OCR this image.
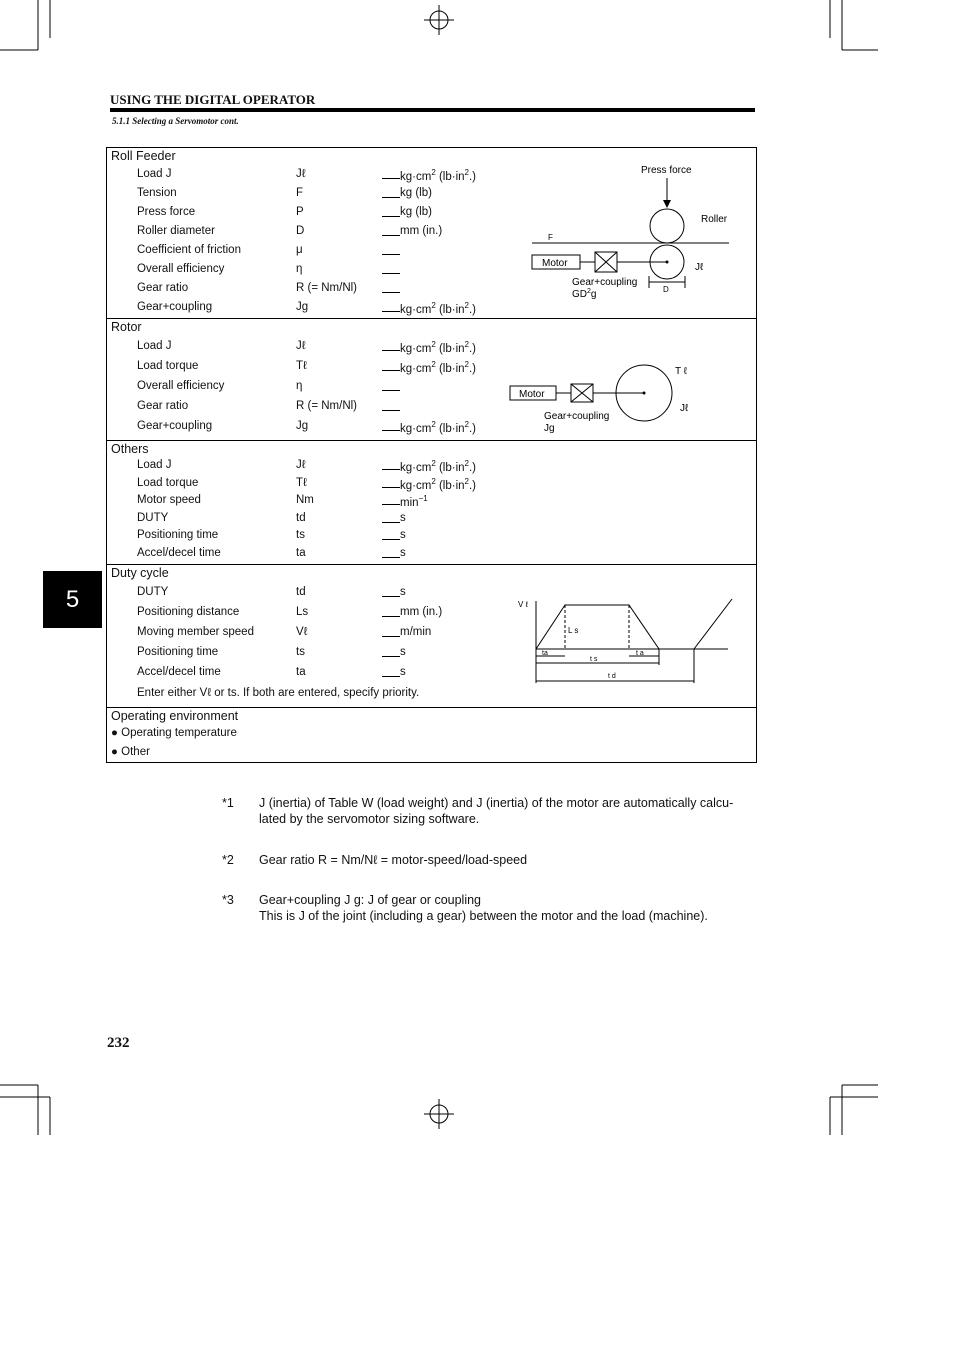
USING THE DIGITAL OPERATOR
5.1.1 Selecting a Servomotor cont.
5
Roll Feeder
Load J	Jℓ	$kg\cdot cm^2$ $(lb\cdot in^2.)$
Tension	F	kg (lb)
Press force	P	kg (lb)
Roller diameter	D	mm (in.)
Coefficient of friction	μ
Overall efficiency	η
Gear ratio	R (= Nm/Nl)
Gear+coupling	Jg	$kg\cdot cm^2$ $(lb\cdot in^2.)$
Press force
Roller
F
Motor	Jℓ
Gear+coupling
$GD^2g$	D
Rotor
Load J	Jℓ	$kg\cdot cm^2$ $(lb\cdot in^2.)$
Load torque	Tℓ	$kg\cdot cm^2$ $(lb\cdot in^2.)$
Overall efficiency	η
Gear ratio	R (= Nm/Nl)
Gear+coupling	Jg	$kg\cdot cm^2$ $(lb\cdot in^2.)$
Motor
T ℓ
Jℓ
Gear+coupling
Jg
Others
Load J	Jℓ	$kg\cdot cm^2$ $(lb\cdot in^2.)$
Load torque	Tℓ	$kg\cdot cm^2$ $(lb\cdot in^2.)$
Motor speed	Nm	$\min^{-1}$
DUTY	td	s
Positioning time	ts	s
Accel/decel time	ta	s
Duty cycle
DUTY	td	s
Positioning distance	Ls	mm (in.)
Moving member speed	Vℓ	m/min
Positioning time	ts	s
Accel/decel time	ta	s
Enter either Vℓ or ts. If both are entered, specify priority.
V ℓ
L s
ta
t s
t a
t d
Operating environment
● Operating temperature
● Other
*1 J (inertia) of Table W (load weight) and J (inertia) of the motor are automatically calcu-
lated by the servomotor sizing software.
*2 Gear ratio R = Nm/Nℓ = motor-speed/load-speed
*3 Gear+coupling J g: J of gear or coupling
This is J of the joint (including a gear) between the motor and the load (machine).
232
